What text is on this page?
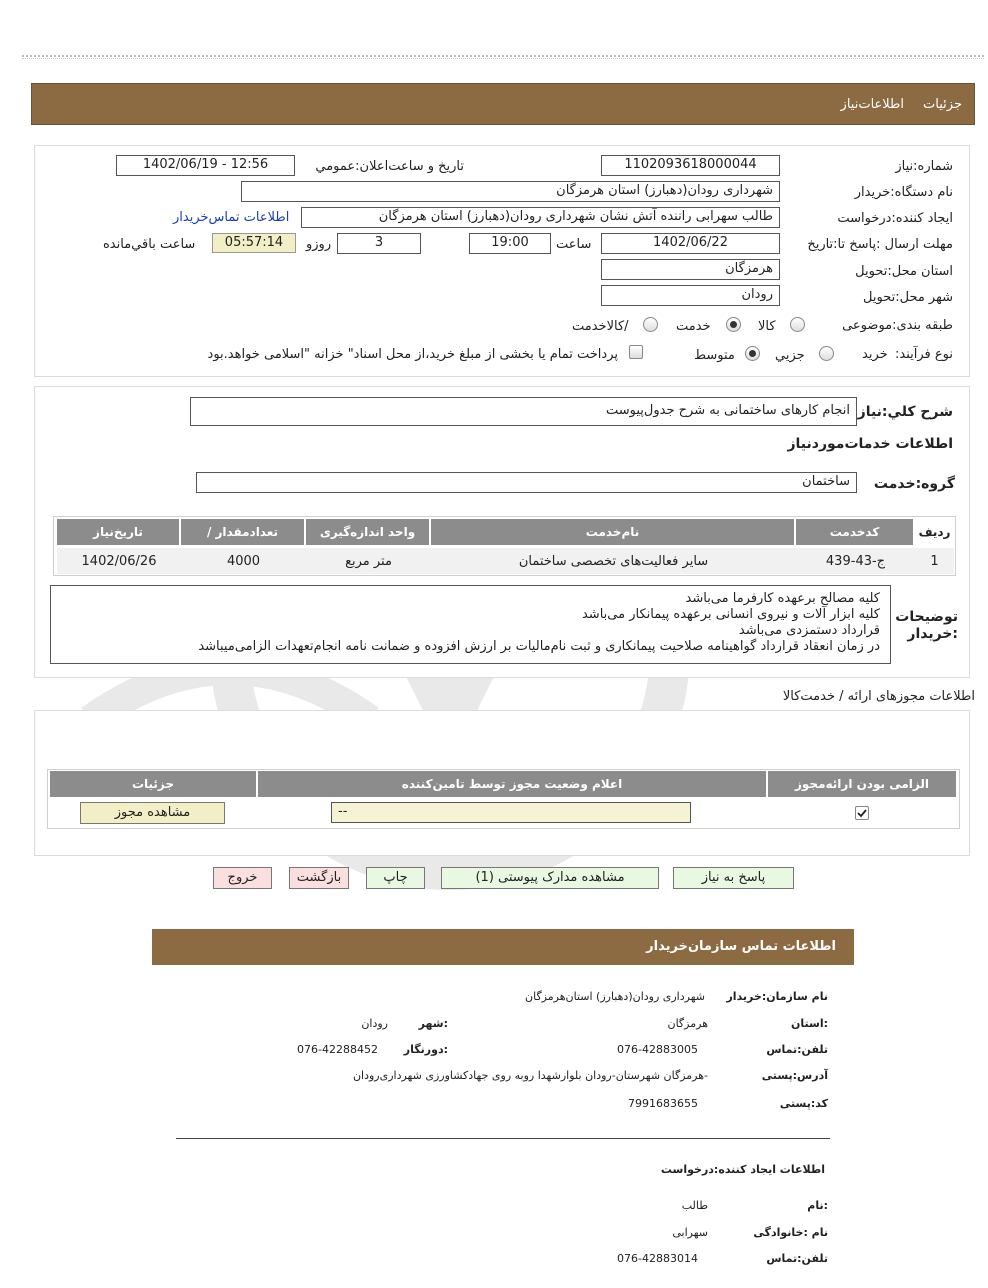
جزئیات
اطلاعات‌نیاز
شماره:نیاز
1102093618000044
تاریخ و ساعت‌اعلان:عمومي
1402/06/19 - 12:56
نام دستگاه:خریدار
شهرداری رودان(دهبارز) استان هرمزگان
ایجاد کننده:درخواست
طالب سهرابی راننده آتش نشان شهرداری رودان(دهبارز) استان هرمزگان
اطلاعات تماس‌خریدار
مهلت ارسال :پاسخ تا:تاریخ
1402/06/22
ساعت
19:00
3
روزو
05:57:14
ساعت باقي‌مانده
استان محل:تحویل
هرمزگان
شهر محل:تحویل
رودان
طبقه بندی:موضوعی
کالا
خدمت
/کالاخدمت
نوع فرآیند:
خرید
جزیي
متوسط
پرداخت تمام یا بخشی از مبلغ خرید،از محل اسناد" خزانه "اسلامی خواهد.بود
شرح کلي:نیاز
انجام کارهای ساختمانی به شرح جدول‌پیوست
اطلاعات خدمات‌موردنیاز
گروه:خدمت
ساختمان
ردیف
کدخدمت
نام‌خدمت
واحد اندازه‌گیری
/ تعدادمقدار
تاریخ‌نیاز
1
ج-43-439
سایر فعالیت‌های تخصصی ساختمان
متر مربع
4000
1402/06/26
توضیحات :خریدار
کلیه مصالح برعهده کارفرما می‌باشد
کلیه ابزار آلات و نیروی انسانی برعهده پیمانکار می‌باشد
قرارداد دستمزدی می‌باشد
در زمان انعقاد قرارداد گواهینامه صلاحیت پیمانکاری و ثبت نام‌مالیات بر ارزش افزوده و ضمانت نامه انجام‌تعهدات الزامی‌میباشد
اطلاعات مجوزهای ارائه / خدمت‌کالا
الزامی بودن ارائه‌مجوز
اعلام وضعیت مجوز توسط تامین‌کننده
جزئیات
--
مشاهده مجوز
پاسخ به نیاز
مشاهده مدارک پیوستی (1)
چاپ
بازگشت
خروج
اطلاعات تماس سازمان‌خریدار
نام سازمان:خریدار
شهرداری رودان(دهبارز) استان‌هرمزگان
:استان
هرمزگان
:شهر
رودان
تلفن:تماس
076-42883005
:دورنگار
076-42288452
آدرس:پستی
-هرمزگان شهرستان-رودان بلوارشهدا روبه روی جهادکشاورزی شهرداری‌رودان
کد:پستی
7991683655
اطلاعات ایجاد کننده:درخواست
:نام
طالب
نام :خانوادگی
سهرابی
تلفن:تماس
076-42883014
